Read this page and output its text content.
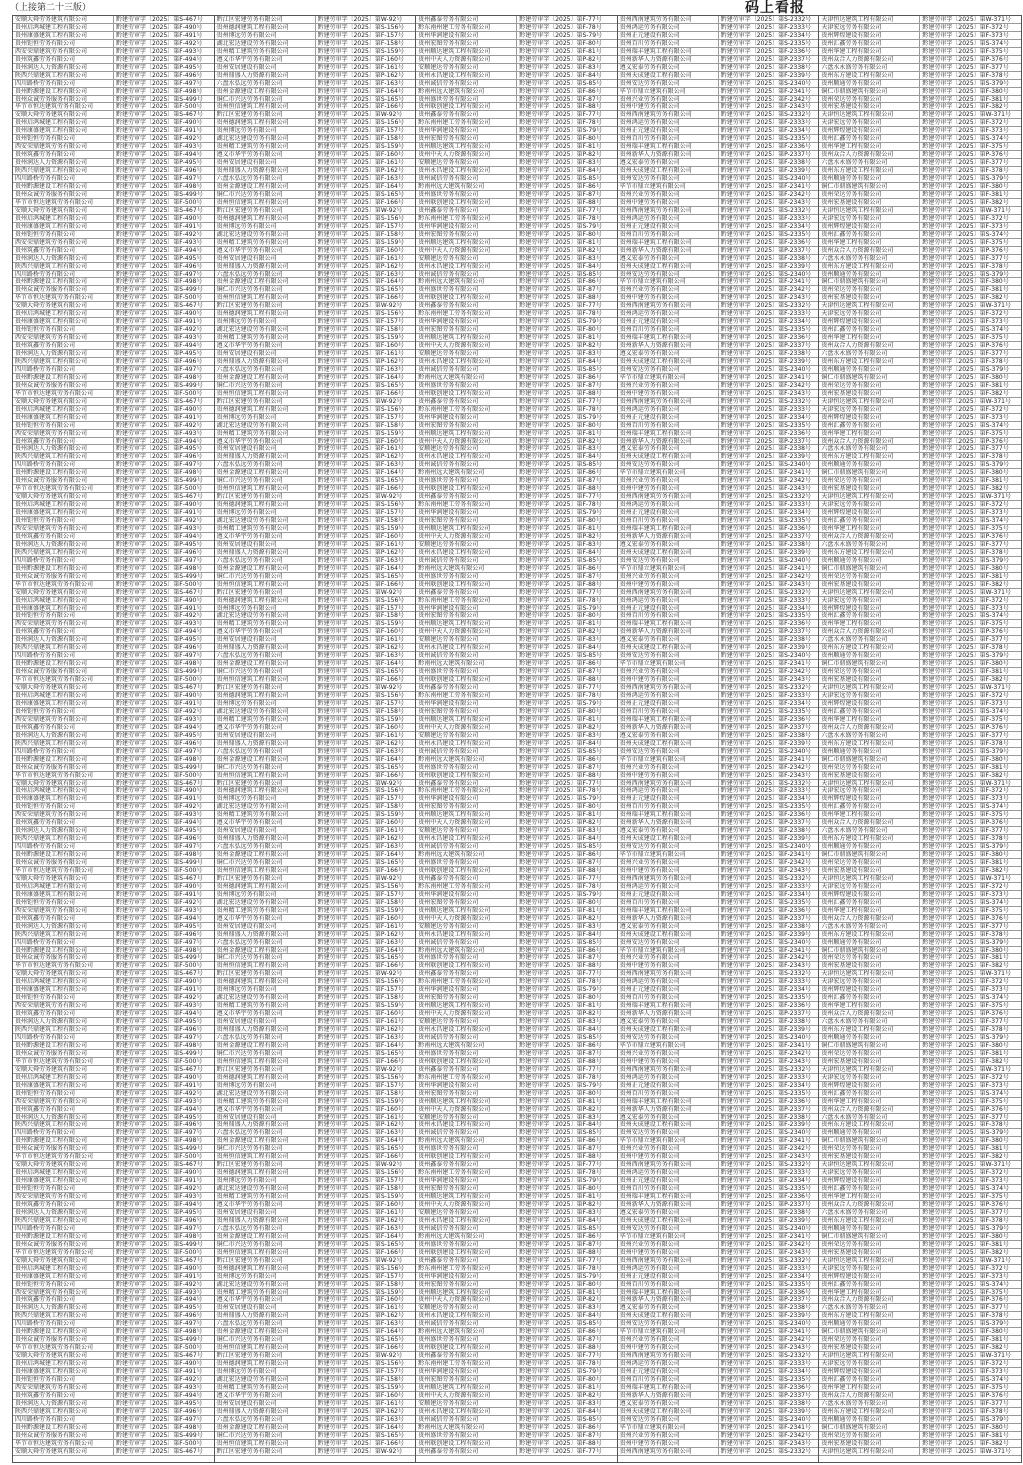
（上接第二十三版）	码上看报
安顺大舜劳务建筑有限公司	黔建劳审字〔2025〕第S-467号
贵州启鸿城建工程有限公司	黔建劳审字〔2025〕第F-490号
贵州康盛建筑工程有限公司	黔建劳审字〔2025〕第F-491号
贵州钜恒劳务有限公司	黔建劳审字〔2025〕第F-492号
西安荣鼎建筑劳务有限公司	黔建劳审字〔2025〕第F-493号
贵州筑鑫劳务有限公司	黔建劳审字〔2025〕第F-494号
贵州润达人力资源有限公司	黔建劳审字〔2025〕第P-495号
陕西兴鼎建筑工程有限公司	黔建劳审字〔2025〕第F-496号
四川路桥劳务有限公司	黔建劳审字〔2025〕第F-497号
贵州黔源建设工程有限公司	黔建劳审字〔2025〕第F-498号
贵州众诚劳务服务有限公司	黔建劳审字〔2025〕第S-499号
毕节市恒达建筑劳务有限公司	黔建劳审字〔2025〕第F-500号
安顺大舜劳务建筑有限公司	黔建劳审字〔2025〕第S-467号
贵州启鸿城建工程有限公司	黔建劳审字〔2025〕第F-490号
贵州康盛建筑工程有限公司	黔建劳审字〔2025〕第F-491号
贵州钜恒劳务有限公司	黔建劳审字〔2025〕第F-492号
西安荣鼎建筑劳务有限公司	黔建劳审字〔2025〕第F-493号
贵州筑鑫劳务有限公司	黔建劳审字〔2025〕第F-494号
贵州润达人力资源有限公司	黔建劳审字〔2025〕第P-495号
陕西兴鼎建筑工程有限公司	黔建劳审字〔2025〕第F-496号
四川路桥劳务有限公司	黔建劳审字〔2025〕第F-497号
贵州黔源建设工程有限公司	黔建劳审字〔2025〕第F-498号
贵州众诚劳务服务有限公司	黔建劳审字〔2025〕第S-499号
毕节市恒达建筑劳务有限公司	黔建劳审字〔2025〕第F-500号
安顺大舜劳务建筑有限公司	黔建劳审字〔2025〕第S-467号
贵州启鸿城建工程有限公司	黔建劳审字〔2025〕第F-490号
贵州康盛建筑工程有限公司	黔建劳审字〔2025〕第F-491号
贵州钜恒劳务有限公司	黔建劳审字〔2025〕第F-492号
西安荣鼎建筑劳务有限公司	黔建劳审字〔2025〕第F-493号
贵州筑鑫劳务有限公司	黔建劳审字〔2025〕第F-494号
贵州润达人力资源有限公司	黔建劳审字〔2025〕第P-495号
陕西兴鼎建筑工程有限公司	黔建劳审字〔2025〕第F-496号
四川路桥劳务有限公司	黔建劳审字〔2025〕第F-497号
贵州黔源建设工程有限公司	黔建劳审字〔2025〕第F-498号
贵州众诚劳务服务有限公司	黔建劳审字〔2025〕第S-499号
毕节市恒达建筑劳务有限公司	黔建劳审字〔2025〕第F-500号
安顺大舜劳务建筑有限公司	黔建劳审字〔2025〕第S-467号
贵州启鸿城建工程有限公司	黔建劳审字〔2025〕第F-490号
贵州康盛建筑工程有限公司	黔建劳审字〔2025〕第F-491号
贵州钜恒劳务有限公司	黔建劳审字〔2025〕第F-492号
西安荣鼎建筑劳务有限公司	黔建劳审字〔2025〕第F-493号
贵州筑鑫劳务有限公司	黔建劳审字〔2025〕第F-494号
贵州润达人力资源有限公司	黔建劳审字〔2025〕第P-495号
陕西兴鼎建筑工程有限公司	黔建劳审字〔2025〕第F-496号
四川路桥劳务有限公司	黔建劳审字〔2025〕第F-497号
贵州黔源建设工程有限公司	黔建劳审字〔2025〕第F-498号
贵州众诚劳务服务有限公司	黔建劳审字〔2025〕第S-499号
毕节市恒达建筑劳务有限公司	黔建劳审字〔2025〕第F-500号
安顺大舜劳务建筑有限公司	黔建劳审字〔2025〕第S-467号
贵州启鸿城建工程有限公司	黔建劳审字〔2025〕第F-490号
贵州康盛建筑工程有限公司	黔建劳审字〔2025〕第F-491号
贵州钜恒劳务有限公司	黔建劳审字〔2025〕第F-492号
西安荣鼎建筑劳务有限公司	黔建劳审字〔2025〕第F-493号
贵州筑鑫劳务有限公司	黔建劳审字〔2025〕第F-494号
贵州润达人力资源有限公司	黔建劳审字〔2025〕第P-495号
陕西兴鼎建筑工程有限公司	黔建劳审字〔2025〕第F-496号
四川路桥劳务有限公司	黔建劳审字〔2025〕第F-497号
贵州黔源建设工程有限公司	黔建劳审字〔2025〕第F-498号
贵州众诚劳务服务有限公司	黔建劳审字〔2025〕第S-499号
毕节市恒达建筑劳务有限公司	黔建劳审字〔2025〕第F-500号
安顺大舜劳务建筑有限公司	黔建劳审字〔2025〕第S-467号
贵州启鸿城建工程有限公司	黔建劳审字〔2025〕第F-490号
贵州康盛建筑工程有限公司	黔建劳审字〔2025〕第F-491号
贵州钜恒劳务有限公司	黔建劳审字〔2025〕第F-492号
西安荣鼎建筑劳务有限公司	黔建劳审字〔2025〕第F-493号
贵州筑鑫劳务有限公司	黔建劳审字〔2025〕第F-494号
贵州润达人力资源有限公司	黔建劳审字〔2025〕第P-495号
陕西兴鼎建筑工程有限公司	黔建劳审字〔2025〕第F-496号
四川路桥劳务有限公司	黔建劳审字〔2025〕第F-497号
贵州黔源建设工程有限公司	黔建劳审字〔2025〕第F-498号
贵州众诚劳务服务有限公司	黔建劳审字〔2025〕第S-499号
毕节市恒达建筑劳务有限公司	黔建劳审字〔2025〕第F-500号
安顺大舜劳务建筑有限公司	黔建劳审字〔2025〕第S-467号
贵州启鸿城建工程有限公司	黔建劳审字〔2025〕第F-490号
贵州康盛建筑工程有限公司	黔建劳审字〔2025〕第F-491号
贵州钜恒劳务有限公司	黔建劳审字〔2025〕第F-492号
西安荣鼎建筑劳务有限公司	黔建劳审字〔2025〕第F-493号
贵州筑鑫劳务有限公司	黔建劳审字〔2025〕第F-494号
贵州润达人力资源有限公司	黔建劳审字〔2025〕第P-495号
陕西兴鼎建筑工程有限公司	黔建劳审字〔2025〕第F-496号
四川路桥劳务有限公司	黔建劳审字〔2025〕第F-497号
贵州黔源建设工程有限公司	黔建劳审字〔2025〕第F-498号
贵州众诚劳务服务有限公司	黔建劳审字〔2025〕第S-499号
毕节市恒达建筑劳务有限公司	黔建劳审字〔2025〕第F-500号
安顺大舜劳务建筑有限公司	黔建劳审字〔2025〕第S-467号
贵州启鸿城建工程有限公司	黔建劳审字〔2025〕第F-490号
贵州康盛建筑工程有限公司	黔建劳审字〔2025〕第F-491号
贵州钜恒劳务有限公司	黔建劳审字〔2025〕第F-492号
西安荣鼎建筑劳务有限公司	黔建劳审字〔2025〕第F-493号
贵州筑鑫劳务有限公司	黔建劳审字〔2025〕第F-494号
贵州润达人力资源有限公司	黔建劳审字〔2025〕第P-495号
陕西兴鼎建筑工程有限公司	黔建劳审字〔2025〕第F-496号
四川路桥劳务有限公司	黔建劳审字〔2025〕第F-497号
贵州黔源建设工程有限公司	黔建劳审字〔2025〕第F-498号
贵州众诚劳务服务有限公司	黔建劳审字〔2025〕第S-499号
毕节市恒达建筑劳务有限公司	黔建劳审字〔2025〕第F-500号
安顺大舜劳务建筑有限公司	黔建劳审字〔2025〕第S-467号
贵州启鸿城建工程有限公司	黔建劳审字〔2025〕第F-490号
贵州康盛建筑工程有限公司	黔建劳审字〔2025〕第F-491号
贵州钜恒劳务有限公司	黔建劳审字〔2025〕第F-492号
西安荣鼎建筑劳务有限公司	黔建劳审字〔2025〕第F-493号
贵州筑鑫劳务有限公司	黔建劳审字〔2025〕第F-494号
贵州润达人力资源有限公司	黔建劳审字〔2025〕第P-495号
陕西兴鼎建筑工程有限公司	黔建劳审字〔2025〕第F-496号
四川路桥劳务有限公司	黔建劳审字〔2025〕第F-497号
贵州黔源建设工程有限公司	黔建劳审字〔2025〕第F-498号
贵州众诚劳务服务有限公司	黔建劳审字〔2025〕第S-499号
毕节市恒达建筑劳务有限公司	黔建劳审字〔2025〕第F-500号
安顺大舜劳务建筑有限公司	黔建劳审字〔2025〕第S-467号
贵州启鸿城建工程有限公司	黔建劳审字〔2025〕第F-490号
贵州康盛建筑工程有限公司	黔建劳审字〔2025〕第F-491号
贵州钜恒劳务有限公司	黔建劳审字〔2025〕第F-492号
西安荣鼎建筑劳务有限公司	黔建劳审字〔2025〕第F-493号
贵州筑鑫劳务有限公司	黔建劳审字〔2025〕第F-494号
贵州润达人力资源有限公司	黔建劳审字〔2025〕第P-495号
陕西兴鼎建筑工程有限公司	黔建劳审字〔2025〕第F-496号
四川路桥劳务有限公司	黔建劳审字〔2025〕第F-497号
贵州黔源建设工程有限公司	黔建劳审字〔2025〕第F-498号
贵州众诚劳务服务有限公司	黔建劳审字〔2025〕第S-499号
毕节市恒达建筑劳务有限公司	黔建劳审字〔2025〕第F-500号
安顺大舜劳务建筑有限公司	黔建劳审字〔2025〕第S-467号
贵州启鸿城建工程有限公司	黔建劳审字〔2025〕第F-490号
贵州康盛建筑工程有限公司	黔建劳审字〔2025〕第F-491号
贵州钜恒劳务有限公司	黔建劳审字〔2025〕第F-492号
西安荣鼎建筑劳务有限公司	黔建劳审字〔2025〕第F-493号
贵州筑鑫劳务有限公司	黔建劳审字〔2025〕第F-494号
贵州润达人力资源有限公司	黔建劳审字〔2025〕第P-495号
陕西兴鼎建筑工程有限公司	黔建劳审字〔2025〕第F-496号
四川路桥劳务有限公司	黔建劳审字〔2025〕第F-497号
贵州黔源建设工程有限公司	黔建劳审字〔2025〕第F-498号
贵州众诚劳务服务有限公司	黔建劳审字〔2025〕第S-499号
毕节市恒达建筑劳务有限公司	黔建劳审字〔2025〕第F-500号
安顺大舜劳务建筑有限公司	黔建劳审字〔2025〕第S-467号
贵州启鸿城建工程有限公司	黔建劳审字〔2025〕第F-490号
贵州康盛建筑工程有限公司	黔建劳审字〔2025〕第F-491号
贵州钜恒劳务有限公司	黔建劳审字〔2025〕第F-492号
西安荣鼎建筑劳务有限公司	黔建劳审字〔2025〕第F-493号
贵州筑鑫劳务有限公司	黔建劳审字〔2025〕第F-494号
贵州润达人力资源有限公司	黔建劳审字〔2025〕第P-495号
陕西兴鼎建筑工程有限公司	黔建劳审字〔2025〕第F-496号
四川路桥劳务有限公司	黔建劳审字〔2025〕第F-497号
贵州黔源建设工程有限公司	黔建劳审字〔2025〕第F-498号
贵州众诚劳务服务有限公司	黔建劳审字〔2025〕第S-499号
毕节市恒达建筑劳务有限公司	黔建劳审字〔2025〕第F-500号
安顺大舜劳务建筑有限公司	黔建劳审字〔2025〕第S-467号
贵州启鸿城建工程有限公司	黔建劳审字〔2025〕第F-490号
贵州康盛建筑工程有限公司	黔建劳审字〔2025〕第F-491号
贵州钜恒劳务有限公司	黔建劳审字〔2025〕第F-492号
西安荣鼎建筑劳务有限公司	黔建劳审字〔2025〕第F-493号
贵州筑鑫劳务有限公司	黔建劳审字〔2025〕第F-494号
贵州润达人力资源有限公司	黔建劳审字〔2025〕第P-495号
陕西兴鼎建筑工程有限公司	黔建劳审字〔2025〕第F-496号
四川路桥劳务有限公司	黔建劳审字〔2025〕第F-497号
贵州黔源建设工程有限公司	黔建劳审字〔2025〕第F-498号
贵州众诚劳务服务有限公司	黔建劳审字〔2025〕第S-499号
毕节市恒达建筑劳务有限公司	黔建劳审字〔2025〕第F-500号
安顺大舜劳务建筑有限公司	黔建劳审字〔2025〕第S-467号
贵州启鸿城建工程有限公司	黔建劳审字〔2025〕第F-490号
贵州康盛建筑工程有限公司	黔建劳审字〔2025〕第F-491号
贵州钜恒劳务有限公司	黔建劳审字〔2025〕第F-492号
西安荣鼎建筑劳务有限公司	黔建劳审字〔2025〕第F-493号
贵州筑鑫劳务有限公司	黔建劳审字〔2025〕第F-494号
贵州润达人力资源有限公司	黔建劳审字〔2025〕第P-495号
陕西兴鼎建筑工程有限公司	黔建劳审字〔2025〕第F-496号
四川路桥劳务有限公司	黔建劳审字〔2025〕第F-497号
贵州黔源建设工程有限公司	黔建劳审字〔2025〕第F-498号
贵州众诚劳务服务有限公司	黔建劳审字〔2025〕第S-499号
毕节市恒达建筑劳务有限公司	黔建劳审字〔2025〕第F-500号
安顺大舜劳务建筑有限公司	黔建劳审字〔2025〕第S-467号
贵州启鸿城建工程有限公司	黔建劳审字〔2025〕第F-490号
贵州康盛建筑工程有限公司	黔建劳审字〔2025〕第F-491号
贵州钜恒劳务有限公司	黔建劳审字〔2025〕第F-492号
西安荣鼎建筑劳务有限公司	黔建劳审字〔2025〕第F-493号
贵州筑鑫劳务有限公司	黔建劳审字〔2025〕第F-494号
贵州润达人力资源有限公司	黔建劳审字〔2025〕第P-495号
陕西兴鼎建筑工程有限公司	黔建劳审字〔2025〕第F-496号
四川路桥劳务有限公司	黔建劳审字〔2025〕第F-497号
贵州黔源建设工程有限公司	黔建劳审字〔2025〕第F-498号
贵州众诚劳务服务有限公司	黔建劳审字〔2025〕第S-499号
毕节市恒达建筑劳务有限公司	黔建劳审字〔2025〕第F-500号
安顺大舜劳务建筑有限公司	黔建劳审字〔2025〕第S-467号
黔江区宏建劳务有限公司	黔建劳审字〔2025〕第W-92号
贵州德润建筑工程有限公司	黔建劳审字〔2025〕第S-156号
贵州博远劳务有限公司	黔建劳审字〔2025〕第F-157号
湖北宏达建设劳务有限公司	黔建劳审字〔2025〕第F-158号
贵州精工建筑劳务有限公司	黔建劳审字〔2025〕第S-159号
遵义市华宇劳务有限公司	黔建劳审字〔2025〕第F-160号
贵州安居建设有限公司	黔建劳审字〔2025〕第F-161号
贵州鼎盛人力资源有限公司	黔建劳审字〔2025〕第P-162号
六盘水弘远劳务有限公司	黔建劳审字〔2025〕第F-163号
贵州金源建设工程有限公司	黔建劳审字〔2025〕第F-164号
铜仁市兴达劳务有限公司	黔建劳审字〔2025〕第S-165号
贵州恒信建筑工程有限公司	黔建劳审字〔2025〕第F-166号
黔江区宏建劳务有限公司	黔建劳审字〔2025〕第W-92号
贵州德润建筑工程有限公司	黔建劳审字〔2025〕第S-156号
贵州博远劳务有限公司	黔建劳审字〔2025〕第F-157号
湖北宏达建设劳务有限公司	黔建劳审字〔2025〕第F-158号
贵州精工建筑劳务有限公司	黔建劳审字〔2025〕第S-159号
遵义市华宇劳务有限公司	黔建劳审字〔2025〕第F-160号
贵州安居建设有限公司	黔建劳审字〔2025〕第F-161号
贵州鼎盛人力资源有限公司	黔建劳审字〔2025〕第P-162号
六盘水弘远劳务有限公司	黔建劳审字〔2025〕第F-163号
贵州金源建设工程有限公司	黔建劳审字〔2025〕第F-164号
铜仁市兴达劳务有限公司	黔建劳审字〔2025〕第S-165号
贵州恒信建筑工程有限公司	黔建劳审字〔2025〕第F-166号
黔江区宏建劳务有限公司	黔建劳审字〔2025〕第W-92号
贵州德润建筑工程有限公司	黔建劳审字〔2025〕第S-156号
贵州博远劳务有限公司	黔建劳审字〔2025〕第F-157号
湖北宏达建设劳务有限公司	黔建劳审字〔2025〕第F-158号
贵州精工建筑劳务有限公司	黔建劳审字〔2025〕第S-159号
遵义市华宇劳务有限公司	黔建劳审字〔2025〕第F-160号
贵州安居建设有限公司	黔建劳审字〔2025〕第F-161号
贵州鼎盛人力资源有限公司	黔建劳审字〔2025〕第P-162号
六盘水弘远劳务有限公司	黔建劳审字〔2025〕第F-163号
贵州金源建设工程有限公司	黔建劳审字〔2025〕第F-164号
铜仁市兴达劳务有限公司	黔建劳审字〔2025〕第S-165号
贵州恒信建筑工程有限公司	黔建劳审字〔2025〕第F-166号
黔江区宏建劳务有限公司	黔建劳审字〔2025〕第W-92号
贵州德润建筑工程有限公司	黔建劳审字〔2025〕第S-156号
贵州博远劳务有限公司	黔建劳审字〔2025〕第F-157号
湖北宏达建设劳务有限公司	黔建劳审字〔2025〕第F-158号
贵州精工建筑劳务有限公司	黔建劳审字〔2025〕第S-159号
遵义市华宇劳务有限公司	黔建劳审字〔2025〕第F-160号
贵州安居建设有限公司	黔建劳审字〔2025〕第F-161号
贵州鼎盛人力资源有限公司	黔建劳审字〔2025〕第P-162号
六盘水弘远劳务有限公司	黔建劳审字〔2025〕第F-163号
贵州金源建设工程有限公司	黔建劳审字〔2025〕第F-164号
铜仁市兴达劳务有限公司	黔建劳审字〔2025〕第S-165号
贵州恒信建筑工程有限公司	黔建劳审字〔2025〕第F-166号
黔江区宏建劳务有限公司	黔建劳审字〔2025〕第W-92号
贵州德润建筑工程有限公司	黔建劳审字〔2025〕第S-156号
贵州博远劳务有限公司	黔建劳审字〔2025〕第F-157号
湖北宏达建设劳务有限公司	黔建劳审字〔2025〕第F-158号
贵州精工建筑劳务有限公司	黔建劳审字〔2025〕第S-159号
遵义市华宇劳务有限公司	黔建劳审字〔2025〕第F-160号
贵州安居建设有限公司	黔建劳审字〔2025〕第F-161号
贵州鼎盛人力资源有限公司	黔建劳审字〔2025〕第P-162号
六盘水弘远劳务有限公司	黔建劳审字〔2025〕第F-163号
贵州金源建设工程有限公司	黔建劳审字〔2025〕第F-164号
铜仁市兴达劳务有限公司	黔建劳审字〔2025〕第S-165号
贵州恒信建筑工程有限公司	黔建劳审字〔2025〕第F-166号
黔江区宏建劳务有限公司	黔建劳审字〔2025〕第W-92号
贵州德润建筑工程有限公司	黔建劳审字〔2025〕第S-156号
贵州博远劳务有限公司	黔建劳审字〔2025〕第F-157号
湖北宏达建设劳务有限公司	黔建劳审字〔2025〕第F-158号
贵州精工建筑劳务有限公司	黔建劳审字〔2025〕第S-159号
遵义市华宇劳务有限公司	黔建劳审字〔2025〕第F-160号
贵州安居建设有限公司	黔建劳审字〔2025〕第F-161号
贵州鼎盛人力资源有限公司	黔建劳审字〔2025〕第P-162号
六盘水弘远劳务有限公司	黔建劳审字〔2025〕第F-163号
贵州金源建设工程有限公司	黔建劳审字〔2025〕第F-164号
铜仁市兴达劳务有限公司	黔建劳审字〔2025〕第S-165号
贵州恒信建筑工程有限公司	黔建劳审字〔2025〕第F-166号
黔江区宏建劳务有限公司	黔建劳审字〔2025〕第W-92号
贵州德润建筑工程有限公司	黔建劳审字〔2025〕第S-156号
贵州博远劳务有限公司	黔建劳审字〔2025〕第F-157号
湖北宏达建设劳务有限公司	黔建劳审字〔2025〕第F-158号
贵州精工建筑劳务有限公司	黔建劳审字〔2025〕第S-159号
遵义市华宇劳务有限公司	黔建劳审字〔2025〕第F-160号
贵州安居建设有限公司	黔建劳审字〔2025〕第F-161号
贵州鼎盛人力资源有限公司	黔建劳审字〔2025〕第P-162号
六盘水弘远劳务有限公司	黔建劳审字〔2025〕第F-163号
贵州金源建设工程有限公司	黔建劳审字〔2025〕第F-164号
铜仁市兴达劳务有限公司	黔建劳审字〔2025〕第S-165号
贵州恒信建筑工程有限公司	黔建劳审字〔2025〕第F-166号
黔江区宏建劳务有限公司	黔建劳审字〔2025〕第W-92号
贵州德润建筑工程有限公司	黔建劳审字〔2025〕第S-156号
贵州博远劳务有限公司	黔建劳审字〔2025〕第F-157号
湖北宏达建设劳务有限公司	黔建劳审字〔2025〕第F-158号
贵州精工建筑劳务有限公司	黔建劳审字〔2025〕第S-159号
遵义市华宇劳务有限公司	黔建劳审字〔2025〕第F-160号
贵州安居建设有限公司	黔建劳审字〔2025〕第F-161号
贵州鼎盛人力资源有限公司	黔建劳审字〔2025〕第P-162号
六盘水弘远劳务有限公司	黔建劳审字〔2025〕第F-163号
贵州金源建设工程有限公司	黔建劳审字〔2025〕第F-164号
铜仁市兴达劳务有限公司	黔建劳审字〔2025〕第S-165号
贵州恒信建筑工程有限公司	黔建劳审字〔2025〕第F-166号
黔江区宏建劳务有限公司	黔建劳审字〔2025〕第W-92号
贵州德润建筑工程有限公司	黔建劳审字〔2025〕第S-156号
贵州博远劳务有限公司	黔建劳审字〔2025〕第F-157号
湖北宏达建设劳务有限公司	黔建劳审字〔2025〕第F-158号
贵州精工建筑劳务有限公司	黔建劳审字〔2025〕第S-159号
遵义市华宇劳务有限公司	黔建劳审字〔2025〕第F-160号
贵州安居建设有限公司	黔建劳审字〔2025〕第F-161号
贵州鼎盛人力资源有限公司	黔建劳审字〔2025〕第P-162号
六盘水弘远劳务有限公司	黔建劳审字〔2025〕第F-163号
贵州金源建设工程有限公司	黔建劳审字〔2025〕第F-164号
铜仁市兴达劳务有限公司	黔建劳审字〔2025〕第S-165号
贵州恒信建筑工程有限公司	黔建劳审字〔2025〕第F-166号
黔江区宏建劳务有限公司	黔建劳审字〔2025〕第W-92号
贵州德润建筑工程有限公司	黔建劳审字〔2025〕第S-156号
贵州博远劳务有限公司	黔建劳审字〔2025〕第F-157号
湖北宏达建设劳务有限公司	黔建劳审字〔2025〕第F-158号
贵州精工建筑劳务有限公司	黔建劳审字〔2025〕第S-159号
遵义市华宇劳务有限公司	黔建劳审字〔2025〕第F-160号
贵州安居建设有限公司	黔建劳审字〔2025〕第F-161号
贵州鼎盛人力资源有限公司	黔建劳审字〔2025〕第P-162号
六盘水弘远劳务有限公司	黔建劳审字〔2025〕第F-163号
贵州金源建设工程有限公司	黔建劳审字〔2025〕第F-164号
铜仁市兴达劳务有限公司	黔建劳审字〔2025〕第S-165号
贵州恒信建筑工程有限公司	黔建劳审字〔2025〕第F-166号
黔江区宏建劳务有限公司	黔建劳审字〔2025〕第W-92号
贵州德润建筑工程有限公司	黔建劳审字〔2025〕第S-156号
贵州博远劳务有限公司	黔建劳审字〔2025〕第F-157号
湖北宏达建设劳务有限公司	黔建劳审字〔2025〕第F-158号
贵州精工建筑劳务有限公司	黔建劳审字〔2025〕第S-159号
遵义市华宇劳务有限公司	黔建劳审字〔2025〕第F-160号
贵州安居建设有限公司	黔建劳审字〔2025〕第F-161号
贵州鼎盛人力资源有限公司	黔建劳审字〔2025〕第P-162号
六盘水弘远劳务有限公司	黔建劳审字〔2025〕第F-163号
贵州金源建设工程有限公司	黔建劳审字〔2025〕第F-164号
铜仁市兴达劳务有限公司	黔建劳审字〔2025〕第S-165号
贵州恒信建筑工程有限公司	黔建劳审字〔2025〕第F-166号
黔江区宏建劳务有限公司	黔建劳审字〔2025〕第W-92号
贵州德润建筑工程有限公司	黔建劳审字〔2025〕第S-156号
贵州博远劳务有限公司	黔建劳审字〔2025〕第F-157号
湖北宏达建设劳务有限公司	黔建劳审字〔2025〕第F-158号
贵州精工建筑劳务有限公司	黔建劳审字〔2025〕第S-159号
遵义市华宇劳务有限公司	黔建劳审字〔2025〕第F-160号
贵州安居建设有限公司	黔建劳审字〔2025〕第F-161号
贵州鼎盛人力资源有限公司	黔建劳审字〔2025〕第P-162号
六盘水弘远劳务有限公司	黔建劳审字〔2025〕第F-163号
贵州金源建设工程有限公司	黔建劳审字〔2025〕第F-164号
铜仁市兴达劳务有限公司	黔建劳审字〔2025〕第S-165号
贵州恒信建筑工程有限公司	黔建劳审字〔2025〕第F-166号
黔江区宏建劳务有限公司	黔建劳审字〔2025〕第W-92号
贵州德润建筑工程有限公司	黔建劳审字〔2025〕第S-156号
贵州博远劳务有限公司	黔建劳审字〔2025〕第F-157号
湖北宏达建设劳务有限公司	黔建劳审字〔2025〕第F-158号
贵州精工建筑劳务有限公司	黔建劳审字〔2025〕第S-159号
遵义市华宇劳务有限公司	黔建劳审字〔2025〕第F-160号
贵州安居建设有限公司	黔建劳审字〔2025〕第F-161号
贵州鼎盛人力资源有限公司	黔建劳审字〔2025〕第P-162号
六盘水弘远劳务有限公司	黔建劳审字〔2025〕第F-163号
贵州金源建设工程有限公司	黔建劳审字〔2025〕第F-164号
铜仁市兴达劳务有限公司	黔建劳审字〔2025〕第S-165号
贵州恒信建筑工程有限公司	黔建劳审字〔2025〕第F-166号
黔江区宏建劳务有限公司	黔建劳审字〔2025〕第W-92号
贵州德润建筑工程有限公司	黔建劳审字〔2025〕第S-156号
贵州博远劳务有限公司	黔建劳审字〔2025〕第F-157号
湖北宏达建设劳务有限公司	黔建劳审字〔2025〕第F-158号
贵州精工建筑劳务有限公司	黔建劳审字〔2025〕第S-159号
遵义市华宇劳务有限公司	黔建劳审字〔2025〕第F-160号
贵州安居建设有限公司	黔建劳审字〔2025〕第F-161号
贵州鼎盛人力资源有限公司	黔建劳审字〔2025〕第P-162号
六盘水弘远劳务有限公司	黔建劳审字〔2025〕第F-163号
贵州金源建设工程有限公司	黔建劳审字〔2025〕第F-164号
铜仁市兴达劳务有限公司	黔建劳审字〔2025〕第S-165号
贵州恒信建筑工程有限公司	黔建劳审字〔2025〕第F-166号
黔江区宏建劳务有限公司	黔建劳审字〔2025〕第W-92号
贵州德润建筑工程有限公司	黔建劳审字〔2025〕第S-156号
贵州博远劳务有限公司	黔建劳审字〔2025〕第F-157号
湖北宏达建设劳务有限公司	黔建劳审字〔2025〕第F-158号
贵州精工建筑劳务有限公司	黔建劳审字〔2025〕第S-159号
遵义市华宇劳务有限公司	黔建劳审字〔2025〕第F-160号
贵州安居建设有限公司	黔建劳审字〔2025〕第F-161号
贵州鼎盛人力资源有限公司	黔建劳审字〔2025〕第P-162号
六盘水弘远劳务有限公司	黔建劳审字〔2025〕第F-163号
贵州金源建设工程有限公司	黔建劳审字〔2025〕第F-164号
铜仁市兴达劳务有限公司	黔建劳审字〔2025〕第S-165号
贵州恒信建筑工程有限公司	黔建劳审字〔2025〕第F-166号
黔江区宏建劳务有限公司	黔建劳审字〔2025〕第W-92号
贵州鑫泰劳务有限公司	黔建劳审字〔2025〕第F-77号
黔东南州建工劳务有限公司	黔建劳审字〔2025〕第F-78号
贵州华润建设有限公司	黔建劳审字〔2025〕第S-79号
贵州宏图劳务有限公司	黔建劳审字〔2025〕第F-80号
贵州顺达建筑工程有限公司	黔建劳审字〔2025〕第F-81号
贵州中天人力资源有限公司	黔建劳审字〔2025〕第P-82号
安顺建达劳务有限公司	黔建劳审字〔2025〕第F-83号
贵州永昌建设工程有限公司	黔建劳审字〔2025〕第F-84号
贵州诚信劳务有限公司	黔建劳审字〔2025〕第S-85号
黔南州远大建筑有限公司	黔建劳审字〔2025〕第F-86号
贵州盛世劳务有限公司	黔建劳审字〔2025〕第F-87号
贵州联创建设工程有限公司	黔建劳审字〔2025〕第F-88号
贵州鑫泰劳务有限公司	黔建劳审字〔2025〕第F-77号
黔东南州建工劳务有限公司	黔建劳审字〔2025〕第F-78号
贵州华润建设有限公司	黔建劳审字〔2025〕第S-79号
贵州宏图劳务有限公司	黔建劳审字〔2025〕第F-80号
贵州顺达建筑工程有限公司	黔建劳审字〔2025〕第F-81号
贵州中天人力资源有限公司	黔建劳审字〔2025〕第P-82号
安顺建达劳务有限公司	黔建劳审字〔2025〕第F-83号
贵州永昌建设工程有限公司	黔建劳审字〔2025〕第F-84号
贵州诚信劳务有限公司	黔建劳审字〔2025〕第S-85号
黔南州远大建筑有限公司	黔建劳审字〔2025〕第F-86号
贵州盛世劳务有限公司	黔建劳审字〔2025〕第F-87号
贵州联创建设工程有限公司	黔建劳审字〔2025〕第F-88号
贵州鑫泰劳务有限公司	黔建劳审字〔2025〕第F-77号
黔东南州建工劳务有限公司	黔建劳审字〔2025〕第F-78号
贵州华润建设有限公司	黔建劳审字〔2025〕第S-79号
贵州宏图劳务有限公司	黔建劳审字〔2025〕第F-80号
贵州顺达建筑工程有限公司	黔建劳审字〔2025〕第F-81号
贵州中天人力资源有限公司	黔建劳审字〔2025〕第P-82号
安顺建达劳务有限公司	黔建劳审字〔2025〕第F-83号
贵州永昌建设工程有限公司	黔建劳审字〔2025〕第F-84号
贵州诚信劳务有限公司	黔建劳审字〔2025〕第S-85号
黔南州远大建筑有限公司	黔建劳审字〔2025〕第F-86号
贵州盛世劳务有限公司	黔建劳审字〔2025〕第F-87号
贵州联创建设工程有限公司	黔建劳审字〔2025〕第F-88号
贵州鑫泰劳务有限公司	黔建劳审字〔2025〕第F-77号
黔东南州建工劳务有限公司	黔建劳审字〔2025〕第F-78号
贵州华润建设有限公司	黔建劳审字〔2025〕第S-79号
贵州宏图劳务有限公司	黔建劳审字〔2025〕第F-80号
贵州顺达建筑工程有限公司	黔建劳审字〔2025〕第F-81号
贵州中天人力资源有限公司	黔建劳审字〔2025〕第P-82号
安顺建达劳务有限公司	黔建劳审字〔2025〕第F-83号
贵州永昌建设工程有限公司	黔建劳审字〔2025〕第F-84号
贵州诚信劳务有限公司	黔建劳审字〔2025〕第S-85号
黔南州远大建筑有限公司	黔建劳审字〔2025〕第F-86号
贵州盛世劳务有限公司	黔建劳审字〔2025〕第F-87号
贵州联创建设工程有限公司	黔建劳审字〔2025〕第F-88号
贵州鑫泰劳务有限公司	黔建劳审字〔2025〕第F-77号
黔东南州建工劳务有限公司	黔建劳审字〔2025〕第F-78号
贵州华润建设有限公司	黔建劳审字〔2025〕第S-79号
贵州宏图劳务有限公司	黔建劳审字〔2025〕第F-80号
贵州顺达建筑工程有限公司	黔建劳审字〔2025〕第F-81号
贵州中天人力资源有限公司	黔建劳审字〔2025〕第P-82号
安顺建达劳务有限公司	黔建劳审字〔2025〕第F-83号
贵州永昌建设工程有限公司	黔建劳审字〔2025〕第F-84号
贵州诚信劳务有限公司	黔建劳审字〔2025〕第S-85号
黔南州远大建筑有限公司	黔建劳审字〔2025〕第F-86号
贵州盛世劳务有限公司	黔建劳审字〔2025〕第F-87号
贵州联创建设工程有限公司	黔建劳审字〔2025〕第F-88号
贵州鑫泰劳务有限公司	黔建劳审字〔2025〕第F-77号
黔东南州建工劳务有限公司	黔建劳审字〔2025〕第F-78号
贵州华润建设有限公司	黔建劳审字〔2025〕第S-79号
贵州宏图劳务有限公司	黔建劳审字〔2025〕第F-80号
贵州顺达建筑工程有限公司	黔建劳审字〔2025〕第F-81号
贵州中天人力资源有限公司	黔建劳审字〔2025〕第P-82号
安顺建达劳务有限公司	黔建劳审字〔2025〕第F-83号
贵州永昌建设工程有限公司	黔建劳审字〔2025〕第F-84号
贵州诚信劳务有限公司	黔建劳审字〔2025〕第S-85号
黔南州远大建筑有限公司	黔建劳审字〔2025〕第F-86号
贵州盛世劳务有限公司	黔建劳审字〔2025〕第F-87号
贵州联创建设工程有限公司	黔建劳审字〔2025〕第F-88号
贵州鑫泰劳务有限公司	黔建劳审字〔2025〕第F-77号
黔东南州建工劳务有限公司	黔建劳审字〔2025〕第F-78号
贵州华润建设有限公司	黔建劳审字〔2025〕第S-79号
贵州宏图劳务有限公司	黔建劳审字〔2025〕第F-80号
贵州顺达建筑工程有限公司	黔建劳审字〔2025〕第F-81号
贵州中天人力资源有限公司	黔建劳审字〔2025〕第P-82号
安顺建达劳务有限公司	黔建劳审字〔2025〕第F-83号
贵州永昌建设工程有限公司	黔建劳审字〔2025〕第F-84号
贵州诚信劳务有限公司	黔建劳审字〔2025〕第S-85号
黔南州远大建筑有限公司	黔建劳审字〔2025〕第F-86号
贵州盛世劳务有限公司	黔建劳审字〔2025〕第F-87号
贵州联创建设工程有限公司	黔建劳审字〔2025〕第F-88号
贵州鑫泰劳务有限公司	黔建劳审字〔2025〕第F-77号
黔东南州建工劳务有限公司	黔建劳审字〔2025〕第F-78号
贵州华润建设有限公司	黔建劳审字〔2025〕第S-79号
贵州宏图劳务有限公司	黔建劳审字〔2025〕第F-80号
贵州顺达建筑工程有限公司	黔建劳审字〔2025〕第F-81号
贵州中天人力资源有限公司	黔建劳审字〔2025〕第P-82号
安顺建达劳务有限公司	黔建劳审字〔2025〕第F-83号
贵州永昌建设工程有限公司	黔建劳审字〔2025〕第F-84号
贵州诚信劳务有限公司	黔建劳审字〔2025〕第S-85号
黔南州远大建筑有限公司	黔建劳审字〔2025〕第F-86号
贵州盛世劳务有限公司	黔建劳审字〔2025〕第F-87号
贵州联创建设工程有限公司	黔建劳审字〔2025〕第F-88号
贵州鑫泰劳务有限公司	黔建劳审字〔2025〕第F-77号
黔东南州建工劳务有限公司	黔建劳审字〔2025〕第F-78号
贵州华润建设有限公司	黔建劳审字〔2025〕第S-79号
贵州宏图劳务有限公司	黔建劳审字〔2025〕第F-80号
贵州顺达建筑工程有限公司	黔建劳审字〔2025〕第F-81号
贵州中天人力资源有限公司	黔建劳审字〔2025〕第P-82号
安顺建达劳务有限公司	黔建劳审字〔2025〕第F-83号
贵州永昌建设工程有限公司	黔建劳审字〔2025〕第F-84号
贵州诚信劳务有限公司	黔建劳审字〔2025〕第S-85号
黔南州远大建筑有限公司	黔建劳审字〔2025〕第F-86号
贵州盛世劳务有限公司	黔建劳审字〔2025〕第F-87号
贵州联创建设工程有限公司	黔建劳审字〔2025〕第F-88号
贵州鑫泰劳务有限公司	黔建劳审字〔2025〕第F-77号
黔东南州建工劳务有限公司	黔建劳审字〔2025〕第F-78号
贵州华润建设有限公司	黔建劳审字〔2025〕第S-79号
贵州宏图劳务有限公司	黔建劳审字〔2025〕第F-80号
贵州顺达建筑工程有限公司	黔建劳审字〔2025〕第F-81号
贵州中天人力资源有限公司	黔建劳审字〔2025〕第P-82号
安顺建达劳务有限公司	黔建劳审字〔2025〕第F-83号
贵州永昌建设工程有限公司	黔建劳审字〔2025〕第F-84号
贵州诚信劳务有限公司	黔建劳审字〔2025〕第S-85号
黔南州远大建筑有限公司	黔建劳审字〔2025〕第F-86号
贵州盛世劳务有限公司	黔建劳审字〔2025〕第F-87号
贵州联创建设工程有限公司	黔建劳审字〔2025〕第F-88号
贵州鑫泰劳务有限公司	黔建劳审字〔2025〕第F-77号
黔东南州建工劳务有限公司	黔建劳审字〔2025〕第F-78号
贵州华润建设有限公司	黔建劳审字〔2025〕第S-79号
贵州宏图劳务有限公司	黔建劳审字〔2025〕第F-80号
贵州顺达建筑工程有限公司	黔建劳审字〔2025〕第F-81号
贵州中天人力资源有限公司	黔建劳审字〔2025〕第P-82号
安顺建达劳务有限公司	黔建劳审字〔2025〕第F-83号
贵州永昌建设工程有限公司	黔建劳审字〔2025〕第F-84号
贵州诚信劳务有限公司	黔建劳审字〔2025〕第S-85号
黔南州远大建筑有限公司	黔建劳审字〔2025〕第F-86号
贵州盛世劳务有限公司	黔建劳审字〔2025〕第F-87号
贵州联创建设工程有限公司	黔建劳审字〔2025〕第F-88号
贵州鑫泰劳务有限公司	黔建劳审字〔2025〕第F-77号
黔东南州建工劳务有限公司	黔建劳审字〔2025〕第F-78号
贵州华润建设有限公司	黔建劳审字〔2025〕第S-79号
贵州宏图劳务有限公司	黔建劳审字〔2025〕第F-80号
贵州顺达建筑工程有限公司	黔建劳审字〔2025〕第F-81号
贵州中天人力资源有限公司	黔建劳审字〔2025〕第P-82号
安顺建达劳务有限公司	黔建劳审字〔2025〕第F-83号
贵州永昌建设工程有限公司	黔建劳审字〔2025〕第F-84号
贵州诚信劳务有限公司	黔建劳审字〔2025〕第S-85号
黔南州远大建筑有限公司	黔建劳审字〔2025〕第F-86号
贵州盛世劳务有限公司	黔建劳审字〔2025〕第F-87号
贵州联创建设工程有限公司	黔建劳审字〔2025〕第F-88号
贵州鑫泰劳务有限公司	黔建劳审字〔2025〕第F-77号
黔东南州建工劳务有限公司	黔建劳审字〔2025〕第F-78号
贵州华润建设有限公司	黔建劳审字〔2025〕第S-79号
贵州宏图劳务有限公司	黔建劳审字〔2025〕第F-80号
贵州顺达建筑工程有限公司	黔建劳审字〔2025〕第F-81号
贵州中天人力资源有限公司	黔建劳审字〔2025〕第P-82号
安顺建达劳务有限公司	黔建劳审字〔2025〕第F-83号
贵州永昌建设工程有限公司	黔建劳审字〔2025〕第F-84号
贵州诚信劳务有限公司	黔建劳审字〔2025〕第S-85号
黔南州远大建筑有限公司	黔建劳审字〔2025〕第F-86号
贵州盛世劳务有限公司	黔建劳审字〔2025〕第F-87号
贵州联创建设工程有限公司	黔建劳审字〔2025〕第F-88号
贵州鑫泰劳务有限公司	黔建劳审字〔2025〕第F-77号
黔东南州建工劳务有限公司	黔建劳审字〔2025〕第F-78号
贵州华润建设有限公司	黔建劳审字〔2025〕第S-79号
贵州宏图劳务有限公司	黔建劳审字〔2025〕第F-80号
贵州顺达建筑工程有限公司	黔建劳审字〔2025〕第F-81号
贵州中天人力资源有限公司	黔建劳审字〔2025〕第P-82号
安顺建达劳务有限公司	黔建劳审字〔2025〕第F-83号
贵州永昌建设工程有限公司	黔建劳审字〔2025〕第F-84号
贵州诚信劳务有限公司	黔建劳审字〔2025〕第S-85号
黔南州远大建筑有限公司	黔建劳审字〔2025〕第F-86号
贵州盛世劳务有限公司	黔建劳审字〔2025〕第F-87号
贵州联创建设工程有限公司	黔建劳审字〔2025〕第F-88号
贵州鑫泰劳务有限公司	黔建劳审字〔2025〕第F-77号
黔东南州建工劳务有限公司	黔建劳审字〔2025〕第F-78号
贵州华润建设有限公司	黔建劳审字〔2025〕第S-79号
贵州宏图劳务有限公司	黔建劳审字〔2025〕第F-80号
贵州顺达建筑工程有限公司	黔建劳审字〔2025〕第F-81号
贵州中天人力资源有限公司	黔建劳审字〔2025〕第P-82号
安顺建达劳务有限公司	黔建劳审字〔2025〕第F-83号
贵州永昌建设工程有限公司	黔建劳审字〔2025〕第F-84号
贵州诚信劳务有限公司	黔建劳审字〔2025〕第S-85号
黔南州远大建筑有限公司	黔建劳审字〔2025〕第F-86号
贵州盛世劳务有限公司	黔建劳审字〔2025〕第F-87号
贵州联创建设工程有限公司	黔建劳审字〔2025〕第F-88号
贵州鑫泰劳务有限公司	黔建劳审字〔2025〕第F-77号
贵州西南建筑劳务有限公司	黔建劳审字〔2025〕第S-2332号
贵州鸿运劳务有限公司	黔建劳审字〔2025〕第F-2333号
贵州正元建设有限公司	黔建劳审字〔2025〕第F-2334号
贵州百川劳务有限公司	黔建劳审字〔2025〕第S-2335号
贵州瑞丰建筑工程有限公司	黔建劳审字〔2025〕第F-2336号
贵州新华人力资源有限公司	黔建劳审字〔2025〕第P-2337号
遵义宏泰劳务有限公司	黔建劳审字〔2025〕第F-2338号
贵州天成建设工程有限公司	黔建劳审字〔2025〕第F-2339号
贵州安达劳务有限公司	黔建劳审字〔2025〕第S-2340号
毕节市鼎立建筑有限公司	黔建劳审字〔2025〕第F-2341号
贵州兴业劳务有限公司	黔建劳审字〔2025〕第F-2342号
贵州中建劳务有限公司	黔建劳审字〔2025〕第F-2343号
贵州西南建筑劳务有限公司	黔建劳审字〔2025〕第S-2332号
贵州鸿运劳务有限公司	黔建劳审字〔2025〕第F-2333号
贵州正元建设有限公司	黔建劳审字〔2025〕第F-2334号
贵州百川劳务有限公司	黔建劳审字〔2025〕第S-2335号
贵州瑞丰建筑工程有限公司	黔建劳审字〔2025〕第F-2336号
贵州新华人力资源有限公司	黔建劳审字〔2025〕第P-2337号
遵义宏泰劳务有限公司	黔建劳审字〔2025〕第F-2338号
贵州天成建设工程有限公司	黔建劳审字〔2025〕第F-2339号
贵州安达劳务有限公司	黔建劳审字〔2025〕第S-2340号
毕节市鼎立建筑有限公司	黔建劳审字〔2025〕第F-2341号
贵州兴业劳务有限公司	黔建劳审字〔2025〕第F-2342号
贵州中建劳务有限公司	黔建劳审字〔2025〕第F-2343号
贵州西南建筑劳务有限公司	黔建劳审字〔2025〕第S-2332号
贵州鸿运劳务有限公司	黔建劳审字〔2025〕第F-2333号
贵州正元建设有限公司	黔建劳审字〔2025〕第F-2334号
贵州百川劳务有限公司	黔建劳审字〔2025〕第S-2335号
贵州瑞丰建筑工程有限公司	黔建劳审字〔2025〕第F-2336号
贵州新华人力资源有限公司	黔建劳审字〔2025〕第P-2337号
遵义宏泰劳务有限公司	黔建劳审字〔2025〕第F-2338号
贵州天成建设工程有限公司	黔建劳审字〔2025〕第F-2339号
贵州安达劳务有限公司	黔建劳审字〔2025〕第S-2340号
毕节市鼎立建筑有限公司	黔建劳审字〔2025〕第F-2341号
贵州兴业劳务有限公司	黔建劳审字〔2025〕第F-2342号
贵州中建劳务有限公司	黔建劳审字〔2025〕第F-2343号
贵州西南建筑劳务有限公司	黔建劳审字〔2025〕第S-2332号
贵州鸿运劳务有限公司	黔建劳审字〔2025〕第F-2333号
贵州正元建设有限公司	黔建劳审字〔2025〕第F-2334号
贵州百川劳务有限公司	黔建劳审字〔2025〕第S-2335号
贵州瑞丰建筑工程有限公司	黔建劳审字〔2025〕第F-2336号
贵州新华人力资源有限公司	黔建劳审字〔2025〕第P-2337号
遵义宏泰劳务有限公司	黔建劳审字〔2025〕第F-2338号
贵州天成建设工程有限公司	黔建劳审字〔2025〕第F-2339号
贵州安达劳务有限公司	黔建劳审字〔2025〕第S-2340号
毕节市鼎立建筑有限公司	黔建劳审字〔2025〕第F-2341号
贵州兴业劳务有限公司	黔建劳审字〔2025〕第F-2342号
贵州中建劳务有限公司	黔建劳审字〔2025〕第F-2343号
贵州西南建筑劳务有限公司	黔建劳审字〔2025〕第S-2332号
贵州鸿运劳务有限公司	黔建劳审字〔2025〕第F-2333号
贵州正元建设有限公司	黔建劳审字〔2025〕第F-2334号
贵州百川劳务有限公司	黔建劳审字〔2025〕第S-2335号
贵州瑞丰建筑工程有限公司	黔建劳审字〔2025〕第F-2336号
贵州新华人力资源有限公司	黔建劳审字〔2025〕第P-2337号
遵义宏泰劳务有限公司	黔建劳审字〔2025〕第F-2338号
贵州天成建设工程有限公司	黔建劳审字〔2025〕第F-2339号
贵州安达劳务有限公司	黔建劳审字〔2025〕第S-2340号
毕节市鼎立建筑有限公司	黔建劳审字〔2025〕第F-2341号
贵州兴业劳务有限公司	黔建劳审字〔2025〕第F-2342号
贵州中建劳务有限公司	黔建劳审字〔2025〕第F-2343号
贵州西南建筑劳务有限公司	黔建劳审字〔2025〕第S-2332号
贵州鸿运劳务有限公司	黔建劳审字〔2025〕第F-2333号
贵州正元建设有限公司	黔建劳审字〔2025〕第F-2334号
贵州百川劳务有限公司	黔建劳审字〔2025〕第S-2335号
贵州瑞丰建筑工程有限公司	黔建劳审字〔2025〕第F-2336号
贵州新华人力资源有限公司	黔建劳审字〔2025〕第P-2337号
遵义宏泰劳务有限公司	黔建劳审字〔2025〕第F-2338号
贵州天成建设工程有限公司	黔建劳审字〔2025〕第F-2339号
贵州安达劳务有限公司	黔建劳审字〔2025〕第S-2340号
毕节市鼎立建筑有限公司	黔建劳审字〔2025〕第F-2341号
贵州兴业劳务有限公司	黔建劳审字〔2025〕第F-2342号
贵州中建劳务有限公司	黔建劳审字〔2025〕第F-2343号
贵州西南建筑劳务有限公司	黔建劳审字〔2025〕第S-2332号
贵州鸿运劳务有限公司	黔建劳审字〔2025〕第F-2333号
贵州正元建设有限公司	黔建劳审字〔2025〕第F-2334号
贵州百川劳务有限公司	黔建劳审字〔2025〕第S-2335号
贵州瑞丰建筑工程有限公司	黔建劳审字〔2025〕第F-2336号
贵州新华人力资源有限公司	黔建劳审字〔2025〕第P-2337号
遵义宏泰劳务有限公司	黔建劳审字〔2025〕第F-2338号
贵州天成建设工程有限公司	黔建劳审字〔2025〕第F-2339号
贵州安达劳务有限公司	黔建劳审字〔2025〕第S-2340号
毕节市鼎立建筑有限公司	黔建劳审字〔2025〕第F-2341号
贵州兴业劳务有限公司	黔建劳审字〔2025〕第F-2342号
贵州中建劳务有限公司	黔建劳审字〔2025〕第F-2343号
贵州西南建筑劳务有限公司	黔建劳审字〔2025〕第S-2332号
贵州鸿运劳务有限公司	黔建劳审字〔2025〕第F-2333号
贵州正元建设有限公司	黔建劳审字〔2025〕第F-2334号
贵州百川劳务有限公司	黔建劳审字〔2025〕第S-2335号
贵州瑞丰建筑工程有限公司	黔建劳审字〔2025〕第F-2336号
贵州新华人力资源有限公司	黔建劳审字〔2025〕第P-2337号
遵义宏泰劳务有限公司	黔建劳审字〔2025〕第F-2338号
贵州天成建设工程有限公司	黔建劳审字〔2025〕第F-2339号
贵州安达劳务有限公司	黔建劳审字〔2025〕第S-2340号
毕节市鼎立建筑有限公司	黔建劳审字〔2025〕第F-2341号
贵州兴业劳务有限公司	黔建劳审字〔2025〕第F-2342号
贵州中建劳务有限公司	黔建劳审字〔2025〕第F-2343号
贵州西南建筑劳务有限公司	黔建劳审字〔2025〕第S-2332号
贵州鸿运劳务有限公司	黔建劳审字〔2025〕第F-2333号
贵州正元建设有限公司	黔建劳审字〔2025〕第F-2334号
贵州百川劳务有限公司	黔建劳审字〔2025〕第S-2335号
贵州瑞丰建筑工程有限公司	黔建劳审字〔2025〕第F-2336号
贵州新华人力资源有限公司	黔建劳审字〔2025〕第P-2337号
遵义宏泰劳务有限公司	黔建劳审字〔2025〕第F-2338号
贵州天成建设工程有限公司	黔建劳审字〔2025〕第F-2339号
贵州安达劳务有限公司	黔建劳审字〔2025〕第S-2340号
毕节市鼎立建筑有限公司	黔建劳审字〔2025〕第F-2341号
贵州兴业劳务有限公司	黔建劳审字〔2025〕第F-2342号
贵州中建劳务有限公司	黔建劳审字〔2025〕第F-2343号
贵州西南建筑劳务有限公司	黔建劳审字〔2025〕第S-2332号
贵州鸿运劳务有限公司	黔建劳审字〔2025〕第F-2333号
贵州正元建设有限公司	黔建劳审字〔2025〕第F-2334号
贵州百川劳务有限公司	黔建劳审字〔2025〕第S-2335号
贵州瑞丰建筑工程有限公司	黔建劳审字〔2025〕第F-2336号
贵州新华人力资源有限公司	黔建劳审字〔2025〕第P-2337号
遵义宏泰劳务有限公司	黔建劳审字〔2025〕第F-2338号
贵州天成建设工程有限公司	黔建劳审字〔2025〕第F-2339号
贵州安达劳务有限公司	黔建劳审字〔2025〕第S-2340号
毕节市鼎立建筑有限公司	黔建劳审字〔2025〕第F-2341号
贵州兴业劳务有限公司	黔建劳审字〔2025〕第F-2342号
贵州中建劳务有限公司	黔建劳审字〔2025〕第F-2343号
贵州西南建筑劳务有限公司	黔建劳审字〔2025〕第S-2332号
贵州鸿运劳务有限公司	黔建劳审字〔2025〕第F-2333号
贵州正元建设有限公司	黔建劳审字〔2025〕第F-2334号
贵州百川劳务有限公司	黔建劳审字〔2025〕第S-2335号
贵州瑞丰建筑工程有限公司	黔建劳审字〔2025〕第F-2336号
贵州新华人力资源有限公司	黔建劳审字〔2025〕第P-2337号
遵义宏泰劳务有限公司	黔建劳审字〔2025〕第F-2338号
贵州天成建设工程有限公司	黔建劳审字〔2025〕第F-2339号
贵州安达劳务有限公司	黔建劳审字〔2025〕第S-2340号
毕节市鼎立建筑有限公司	黔建劳审字〔2025〕第F-2341号
贵州兴业劳务有限公司	黔建劳审字〔2025〕第F-2342号
贵州中建劳务有限公司	黔建劳审字〔2025〕第F-2343号
贵州西南建筑劳务有限公司	黔建劳审字〔2025〕第S-2332号
贵州鸿运劳务有限公司	黔建劳审字〔2025〕第F-2333号
贵州正元建设有限公司	黔建劳审字〔2025〕第F-2334号
贵州百川劳务有限公司	黔建劳审字〔2025〕第S-2335号
贵州瑞丰建筑工程有限公司	黔建劳审字〔2025〕第F-2336号
贵州新华人力资源有限公司	黔建劳审字〔2025〕第P-2337号
遵义宏泰劳务有限公司	黔建劳审字〔2025〕第F-2338号
贵州天成建设工程有限公司	黔建劳审字〔2025〕第F-2339号
贵州安达劳务有限公司	黔建劳审字〔2025〕第S-2340号
毕节市鼎立建筑有限公司	黔建劳审字〔2025〕第F-2341号
贵州兴业劳务有限公司	黔建劳审字〔2025〕第F-2342号
贵州中建劳务有限公司	黔建劳审字〔2025〕第F-2343号
贵州西南建筑劳务有限公司	黔建劳审字〔2025〕第S-2332号
贵州鸿运劳务有限公司	黔建劳审字〔2025〕第F-2333号
贵州正元建设有限公司	黔建劳审字〔2025〕第F-2334号
贵州百川劳务有限公司	黔建劳审字〔2025〕第S-2335号
贵州瑞丰建筑工程有限公司	黔建劳审字〔2025〕第F-2336号
贵州新华人力资源有限公司	黔建劳审字〔2025〕第P-2337号
遵义宏泰劳务有限公司	黔建劳审字〔2025〕第F-2338号
贵州天成建设工程有限公司	黔建劳审字〔2025〕第F-2339号
贵州安达劳务有限公司	黔建劳审字〔2025〕第S-2340号
毕节市鼎立建筑有限公司	黔建劳审字〔2025〕第F-2341号
贵州兴业劳务有限公司	黔建劳审字〔2025〕第F-2342号
贵州中建劳务有限公司	黔建劳审字〔2025〕第F-2343号
贵州西南建筑劳务有限公司	黔建劳审字〔2025〕第S-2332号
贵州鸿运劳务有限公司	黔建劳审字〔2025〕第F-2333号
贵州正元建设有限公司	黔建劳审字〔2025〕第F-2334号
贵州百川劳务有限公司	黔建劳审字〔2025〕第S-2335号
贵州瑞丰建筑工程有限公司	黔建劳审字〔2025〕第F-2336号
贵州新华人力资源有限公司	黔建劳审字〔2025〕第P-2337号
遵义宏泰劳务有限公司	黔建劳审字〔2025〕第F-2338号
贵州天成建设工程有限公司	黔建劳审字〔2025〕第F-2339号
贵州安达劳务有限公司	黔建劳审字〔2025〕第S-2340号
毕节市鼎立建筑有限公司	黔建劳审字〔2025〕第F-2341号
贵州兴业劳务有限公司	黔建劳审字〔2025〕第F-2342号
贵州中建劳务有限公司	黔建劳审字〔2025〕第F-2343号
贵州西南建筑劳务有限公司	黔建劳审字〔2025〕第S-2332号
贵州鸿运劳务有限公司	黔建劳审字〔2025〕第F-2333号
贵州正元建设有限公司	黔建劳审字〔2025〕第F-2334号
贵州百川劳务有限公司	黔建劳审字〔2025〕第S-2335号
贵州瑞丰建筑工程有限公司	黔建劳审字〔2025〕第F-2336号
贵州新华人力资源有限公司	黔建劳审字〔2025〕第P-2337号
遵义宏泰劳务有限公司	黔建劳审字〔2025〕第F-2338号
贵州天成建设工程有限公司	黔建劳审字〔2025〕第F-2339号
贵州安达劳务有限公司	黔建劳审字〔2025〕第S-2340号
毕节市鼎立建筑有限公司	黔建劳审字〔2025〕第F-2341号
贵州兴业劳务有限公司	黔建劳审字〔2025〕第F-2342号
贵州中建劳务有限公司	黔建劳审字〔2025〕第F-2343号
贵州西南建筑劳务有限公司	黔建劳审字〔2025〕第S-2332号
天津恒达建筑工程有限公司	黔建劳审字〔2025〕第W-371号
天津宏远劳务有限公司	黔建劳审字〔2025〕第F-372号
贵州辉煌建设有限公司	黔建劳审字〔2025〕第F-373号
贵州汇鑫劳务有限公司	黔建劳审字〔2025〕第S-374号
贵州华建工程有限公司	黔建劳审字〔2025〕第F-375号
贵州众合人力资源有限公司	黔建劳审字〔2025〕第P-376号
六盘水永盛劳务有限公司	黔建劳审字〔2025〕第F-377号
贵州东方建设工程有限公司	黔建劳审字〔2025〕第F-378号
贵州顺通劳务有限公司	黔建劳审字〔2025〕第S-379号
铜仁市鼎盛建筑有限公司	黔建劳审字〔2025〕第F-380号
贵州荣达劳务有限公司	黔建劳审字〔2025〕第F-381号
贵州宏基建设有限公司	黔建劳审字〔2025〕第F-382号
天津恒达建筑工程有限公司	黔建劳审字〔2025〕第W-371号
天津宏远劳务有限公司	黔建劳审字〔2025〕第F-372号
贵州辉煌建设有限公司	黔建劳审字〔2025〕第F-373号
贵州汇鑫劳务有限公司	黔建劳审字〔2025〕第S-374号
贵州华建工程有限公司	黔建劳审字〔2025〕第F-375号
贵州众合人力资源有限公司	黔建劳审字〔2025〕第P-376号
六盘水永盛劳务有限公司	黔建劳审字〔2025〕第F-377号
贵州东方建设工程有限公司	黔建劳审字〔2025〕第F-378号
贵州顺通劳务有限公司	黔建劳审字〔2025〕第S-379号
铜仁市鼎盛建筑有限公司	黔建劳审字〔2025〕第F-380号
贵州荣达劳务有限公司	黔建劳审字〔2025〕第F-381号
贵州宏基建设有限公司	黔建劳审字〔2025〕第F-382号
天津恒达建筑工程有限公司	黔建劳审字〔2025〕第W-371号
天津宏远劳务有限公司	黔建劳审字〔2025〕第F-372号
贵州辉煌建设有限公司	黔建劳审字〔2025〕第F-373号
贵州汇鑫劳务有限公司	黔建劳审字〔2025〕第S-374号
贵州华建工程有限公司	黔建劳审字〔2025〕第F-375号
贵州众合人力资源有限公司	黔建劳审字〔2025〕第P-376号
六盘水永盛劳务有限公司	黔建劳审字〔2025〕第F-377号
贵州东方建设工程有限公司	黔建劳审字〔2025〕第F-378号
贵州顺通劳务有限公司	黔建劳审字〔2025〕第S-379号
铜仁市鼎盛建筑有限公司	黔建劳审字〔2025〕第F-380号
贵州荣达劳务有限公司	黔建劳审字〔2025〕第F-381号
贵州宏基建设有限公司	黔建劳审字〔2025〕第F-382号
天津恒达建筑工程有限公司	黔建劳审字〔2025〕第W-371号
天津宏远劳务有限公司	黔建劳审字〔2025〕第F-372号
贵州辉煌建设有限公司	黔建劳审字〔2025〕第F-373号
贵州汇鑫劳务有限公司	黔建劳审字〔2025〕第S-374号
贵州华建工程有限公司	黔建劳审字〔2025〕第F-375号
贵州众合人力资源有限公司	黔建劳审字〔2025〕第P-376号
六盘水永盛劳务有限公司	黔建劳审字〔2025〕第F-377号
贵州东方建设工程有限公司	黔建劳审字〔2025〕第F-378号
贵州顺通劳务有限公司	黔建劳审字〔2025〕第S-379号
铜仁市鼎盛建筑有限公司	黔建劳审字〔2025〕第F-380号
贵州荣达劳务有限公司	黔建劳审字〔2025〕第F-381号
贵州宏基建设有限公司	黔建劳审字〔2025〕第F-382号
天津恒达建筑工程有限公司	黔建劳审字〔2025〕第W-371号
天津宏远劳务有限公司	黔建劳审字〔2025〕第F-372号
贵州辉煌建设有限公司	黔建劳审字〔2025〕第F-373号
贵州汇鑫劳务有限公司	黔建劳审字〔2025〕第S-374号
贵州华建工程有限公司	黔建劳审字〔2025〕第F-375号
贵州众合人力资源有限公司	黔建劳审字〔2025〕第P-376号
六盘水永盛劳务有限公司	黔建劳审字〔2025〕第F-377号
贵州东方建设工程有限公司	黔建劳审字〔2025〕第F-378号
贵州顺通劳务有限公司	黔建劳审字〔2025〕第S-379号
铜仁市鼎盛建筑有限公司	黔建劳审字〔2025〕第F-380号
贵州荣达劳务有限公司	黔建劳审字〔2025〕第F-381号
贵州宏基建设有限公司	黔建劳审字〔2025〕第F-382号
天津恒达建筑工程有限公司	黔建劳审字〔2025〕第W-371号
天津宏远劳务有限公司	黔建劳审字〔2025〕第F-372号
贵州辉煌建设有限公司	黔建劳审字〔2025〕第F-373号
贵州汇鑫劳务有限公司	黔建劳审字〔2025〕第S-374号
贵州华建工程有限公司	黔建劳审字〔2025〕第F-375号
贵州众合人力资源有限公司	黔建劳审字〔2025〕第P-376号
六盘水永盛劳务有限公司	黔建劳审字〔2025〕第F-377号
贵州东方建设工程有限公司	黔建劳审字〔2025〕第F-378号
贵州顺通劳务有限公司	黔建劳审字〔2025〕第S-379号
铜仁市鼎盛建筑有限公司	黔建劳审字〔2025〕第F-380号
贵州荣达劳务有限公司	黔建劳审字〔2025〕第F-381号
贵州宏基建设有限公司	黔建劳审字〔2025〕第F-382号
天津恒达建筑工程有限公司	黔建劳审字〔2025〕第W-371号
天津宏远劳务有限公司	黔建劳审字〔2025〕第F-372号
贵州辉煌建设有限公司	黔建劳审字〔2025〕第F-373号
贵州汇鑫劳务有限公司	黔建劳审字〔2025〕第S-374号
贵州华建工程有限公司	黔建劳审字〔2025〕第F-375号
贵州众合人力资源有限公司	黔建劳审字〔2025〕第P-376号
六盘水永盛劳务有限公司	黔建劳审字〔2025〕第F-377号
贵州东方建设工程有限公司	黔建劳审字〔2025〕第F-378号
贵州顺通劳务有限公司	黔建劳审字〔2025〕第S-379号
铜仁市鼎盛建筑有限公司	黔建劳审字〔2025〕第F-380号
贵州荣达劳务有限公司	黔建劳审字〔2025〕第F-381号
贵州宏基建设有限公司	黔建劳审字〔2025〕第F-382号
天津恒达建筑工程有限公司	黔建劳审字〔2025〕第W-371号
天津宏远劳务有限公司	黔建劳审字〔2025〕第F-372号
贵州辉煌建设有限公司	黔建劳审字〔2025〕第F-373号
贵州汇鑫劳务有限公司	黔建劳审字〔2025〕第S-374号
贵州华建工程有限公司	黔建劳审字〔2025〕第F-375号
贵州众合人力资源有限公司	黔建劳审字〔2025〕第P-376号
六盘水永盛劳务有限公司	黔建劳审字〔2025〕第F-377号
贵州东方建设工程有限公司	黔建劳审字〔2025〕第F-378号
贵州顺通劳务有限公司	黔建劳审字〔2025〕第S-379号
铜仁市鼎盛建筑有限公司	黔建劳审字〔2025〕第F-380号
贵州荣达劳务有限公司	黔建劳审字〔2025〕第F-381号
贵州宏基建设有限公司	黔建劳审字〔2025〕第F-382号
天津恒达建筑工程有限公司	黔建劳审字〔2025〕第W-371号
天津宏远劳务有限公司	黔建劳审字〔2025〕第F-372号
贵州辉煌建设有限公司	黔建劳审字〔2025〕第F-373号
贵州汇鑫劳务有限公司	黔建劳审字〔2025〕第S-374号
贵州华建工程有限公司	黔建劳审字〔2025〕第F-375号
贵州众合人力资源有限公司	黔建劳审字〔2025〕第P-376号
六盘水永盛劳务有限公司	黔建劳审字〔2025〕第F-377号
贵州东方建设工程有限公司	黔建劳审字〔2025〕第F-378号
贵州顺通劳务有限公司	黔建劳审字〔2025〕第S-379号
铜仁市鼎盛建筑有限公司	黔建劳审字〔2025〕第F-380号
贵州荣达劳务有限公司	黔建劳审字〔2025〕第F-381号
贵州宏基建设有限公司	黔建劳审字〔2025〕第F-382号
天津恒达建筑工程有限公司	黔建劳审字〔2025〕第W-371号
天津宏远劳务有限公司	黔建劳审字〔2025〕第F-372号
贵州辉煌建设有限公司	黔建劳审字〔2025〕第F-373号
贵州汇鑫劳务有限公司	黔建劳审字〔2025〕第S-374号
贵州华建工程有限公司	黔建劳审字〔2025〕第F-375号
贵州众合人力资源有限公司	黔建劳审字〔2025〕第P-376号
六盘水永盛劳务有限公司	黔建劳审字〔2025〕第F-377号
贵州东方建设工程有限公司	黔建劳审字〔2025〕第F-378号
贵州顺通劳务有限公司	黔建劳审字〔2025〕第S-379号
铜仁市鼎盛建筑有限公司	黔建劳审字〔2025〕第F-380号
贵州荣达劳务有限公司	黔建劳审字〔2025〕第F-381号
贵州宏基建设有限公司	黔建劳审字〔2025〕第F-382号
天津恒达建筑工程有限公司	黔建劳审字〔2025〕第W-371号
天津宏远劳务有限公司	黔建劳审字〔2025〕第F-372号
贵州辉煌建设有限公司	黔建劳审字〔2025〕第F-373号
贵州汇鑫劳务有限公司	黔建劳审字〔2025〕第S-374号
贵州华建工程有限公司	黔建劳审字〔2025〕第F-375号
贵州众合人力资源有限公司	黔建劳审字〔2025〕第P-376号
六盘水永盛劳务有限公司	黔建劳审字〔2025〕第F-377号
贵州东方建设工程有限公司	黔建劳审字〔2025〕第F-378号
贵州顺通劳务有限公司	黔建劳审字〔2025〕第S-379号
铜仁市鼎盛建筑有限公司	黔建劳审字〔2025〕第F-380号
贵州荣达劳务有限公司	黔建劳审字〔2025〕第F-381号
贵州宏基建设有限公司	黔建劳审字〔2025〕第F-382号
天津恒达建筑工程有限公司	黔建劳审字〔2025〕第W-371号
天津宏远劳务有限公司	黔建劳审字〔2025〕第F-372号
贵州辉煌建设有限公司	黔建劳审字〔2025〕第F-373号
贵州汇鑫劳务有限公司	黔建劳审字〔2025〕第S-374号
贵州华建工程有限公司	黔建劳审字〔2025〕第F-375号
贵州众合人力资源有限公司	黔建劳审字〔2025〕第P-376号
六盘水永盛劳务有限公司	黔建劳审字〔2025〕第F-377号
贵州东方建设工程有限公司	黔建劳审字〔2025〕第F-378号
贵州顺通劳务有限公司	黔建劳审字〔2025〕第S-379号
铜仁市鼎盛建筑有限公司	黔建劳审字〔2025〕第F-380号
贵州荣达劳务有限公司	黔建劳审字〔2025〕第F-381号
贵州宏基建设有限公司	黔建劳审字〔2025〕第F-382号
天津恒达建筑工程有限公司	黔建劳审字〔2025〕第W-371号
天津宏远劳务有限公司	黔建劳审字〔2025〕第F-372号
贵州辉煌建设有限公司	黔建劳审字〔2025〕第F-373号
贵州汇鑫劳务有限公司	黔建劳审字〔2025〕第S-374号
贵州华建工程有限公司	黔建劳审字〔2025〕第F-375号
贵州众合人力资源有限公司	黔建劳审字〔2025〕第P-376号
六盘水永盛劳务有限公司	黔建劳审字〔2025〕第F-377号
贵州东方建设工程有限公司	黔建劳审字〔2025〕第F-378号
贵州顺通劳务有限公司	黔建劳审字〔2025〕第S-379号
铜仁市鼎盛建筑有限公司	黔建劳审字〔2025〕第F-380号
贵州荣达劳务有限公司	黔建劳审字〔2025〕第F-381号
贵州宏基建设有限公司	黔建劳审字〔2025〕第F-382号
天津恒达建筑工程有限公司	黔建劳审字〔2025〕第W-371号
天津宏远劳务有限公司	黔建劳审字〔2025〕第F-372号
贵州辉煌建设有限公司	黔建劳审字〔2025〕第F-373号
贵州汇鑫劳务有限公司	黔建劳审字〔2025〕第S-374号
贵州华建工程有限公司	黔建劳审字〔2025〕第F-375号
贵州众合人力资源有限公司	黔建劳审字〔2025〕第P-376号
六盘水永盛劳务有限公司	黔建劳审字〔2025〕第F-377号
贵州东方建设工程有限公司	黔建劳审字〔2025〕第F-378号
贵州顺通劳务有限公司	黔建劳审字〔2025〕第S-379号
铜仁市鼎盛建筑有限公司	黔建劳审字〔2025〕第F-380号
贵州荣达劳务有限公司	黔建劳审字〔2025〕第F-381号
贵州宏基建设有限公司	黔建劳审字〔2025〕第F-382号
天津恒达建筑工程有限公司	黔建劳审字〔2025〕第W-371号
天津宏远劳务有限公司	黔建劳审字〔2025〕第F-372号
贵州辉煌建设有限公司	黔建劳审字〔2025〕第F-373号
贵州汇鑫劳务有限公司	黔建劳审字〔2025〕第S-374号
贵州华建工程有限公司	黔建劳审字〔2025〕第F-375号
贵州众合人力资源有限公司	黔建劳审字〔2025〕第P-376号
六盘水永盛劳务有限公司	黔建劳审字〔2025〕第F-377号
贵州东方建设工程有限公司	黔建劳审字〔2025〕第F-378号
贵州顺通劳务有限公司	黔建劳审字〔2025〕第S-379号
铜仁市鼎盛建筑有限公司	黔建劳审字〔2025〕第F-380号
贵州荣达劳务有限公司	黔建劳审字〔2025〕第F-381号
贵州宏基建设有限公司	黔建劳审字〔2025〕第F-382号
天津恒达建筑工程有限公司	黔建劳审字〔2025〕第W-371号
